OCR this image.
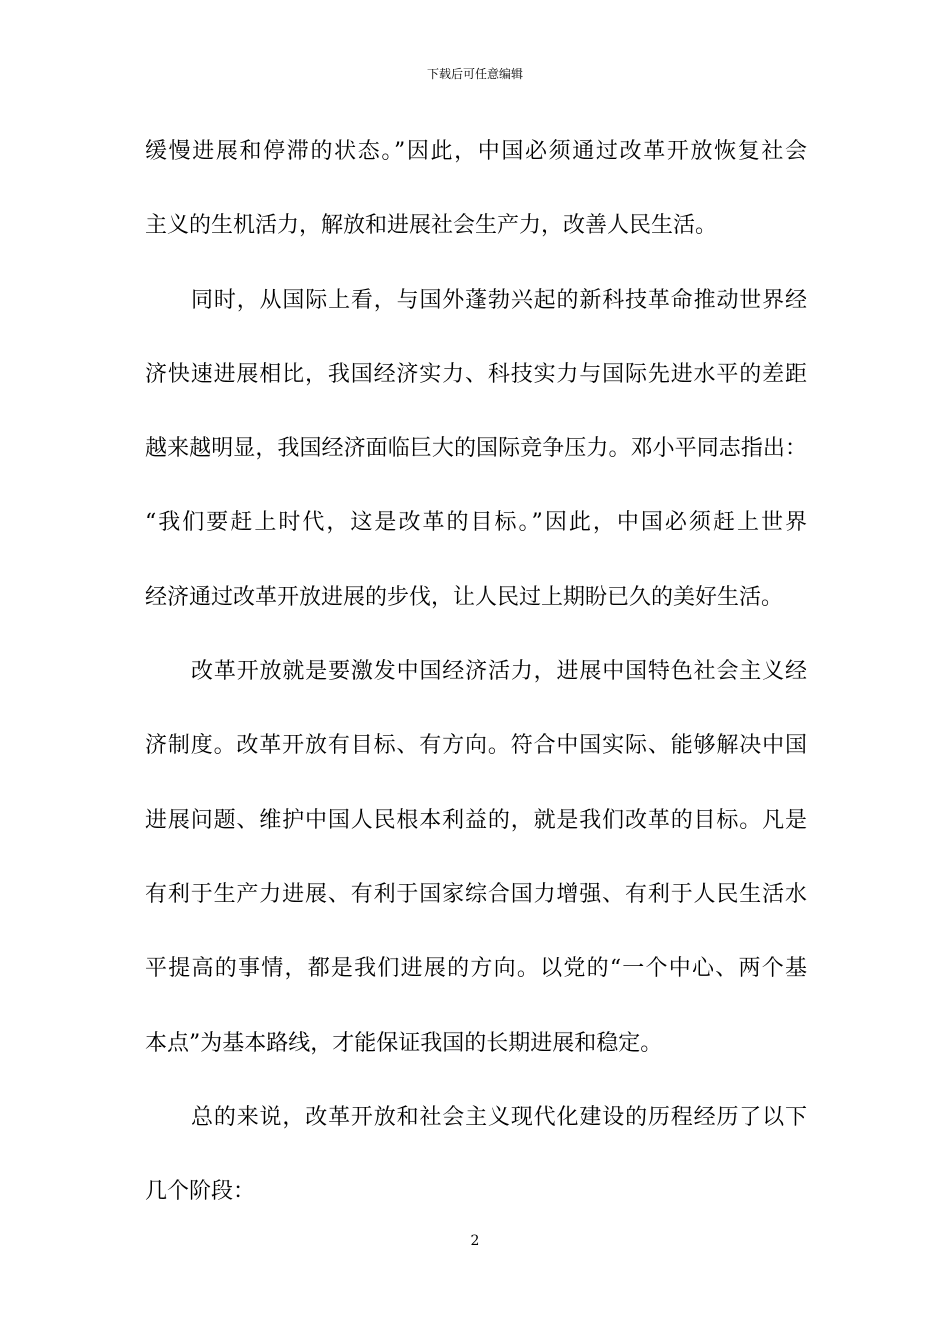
下载后可任意编辑
缓慢进展和停滞的状态。”因此，中国必须通过改革开放恢复社会
主义的生机活力，解放和进展社会生产力，改善人民生活。
同时，从国际上看，与国外蓬勃兴起的新科技革命推动世界经
济快速进展相比，我国经济实力、科技实力与国际先进水平的差距
越来越明显，我国经济面临巨大的国际竞争压力。邓小平同志指出：
“我们要赶上时代，这是改革的目标。”因此，中国必须赶上世界
经济通过改革开放进展的步伐，让人民过上期盼已久的美好生活。
改革开放就是要激发中国经济活力，进展中国特色社会主义经
济制度。改革开放有目标、有方向。符合中国实际、能够解决中国
进展问题、维护中国人民根本利益的，就是我们改革的目标。凡是
有利于生产力进展、有利于国家综合国力增强、有利于人民生活水
平提高的事情，都是我们进展的方向。以党的“一个中心、两个基
本点”为基本路线，才能保证我国的长期进展和稳定。
总的来说，改革开放和社会主义现代化建设的历程经历了以下
几个阶段：
2
